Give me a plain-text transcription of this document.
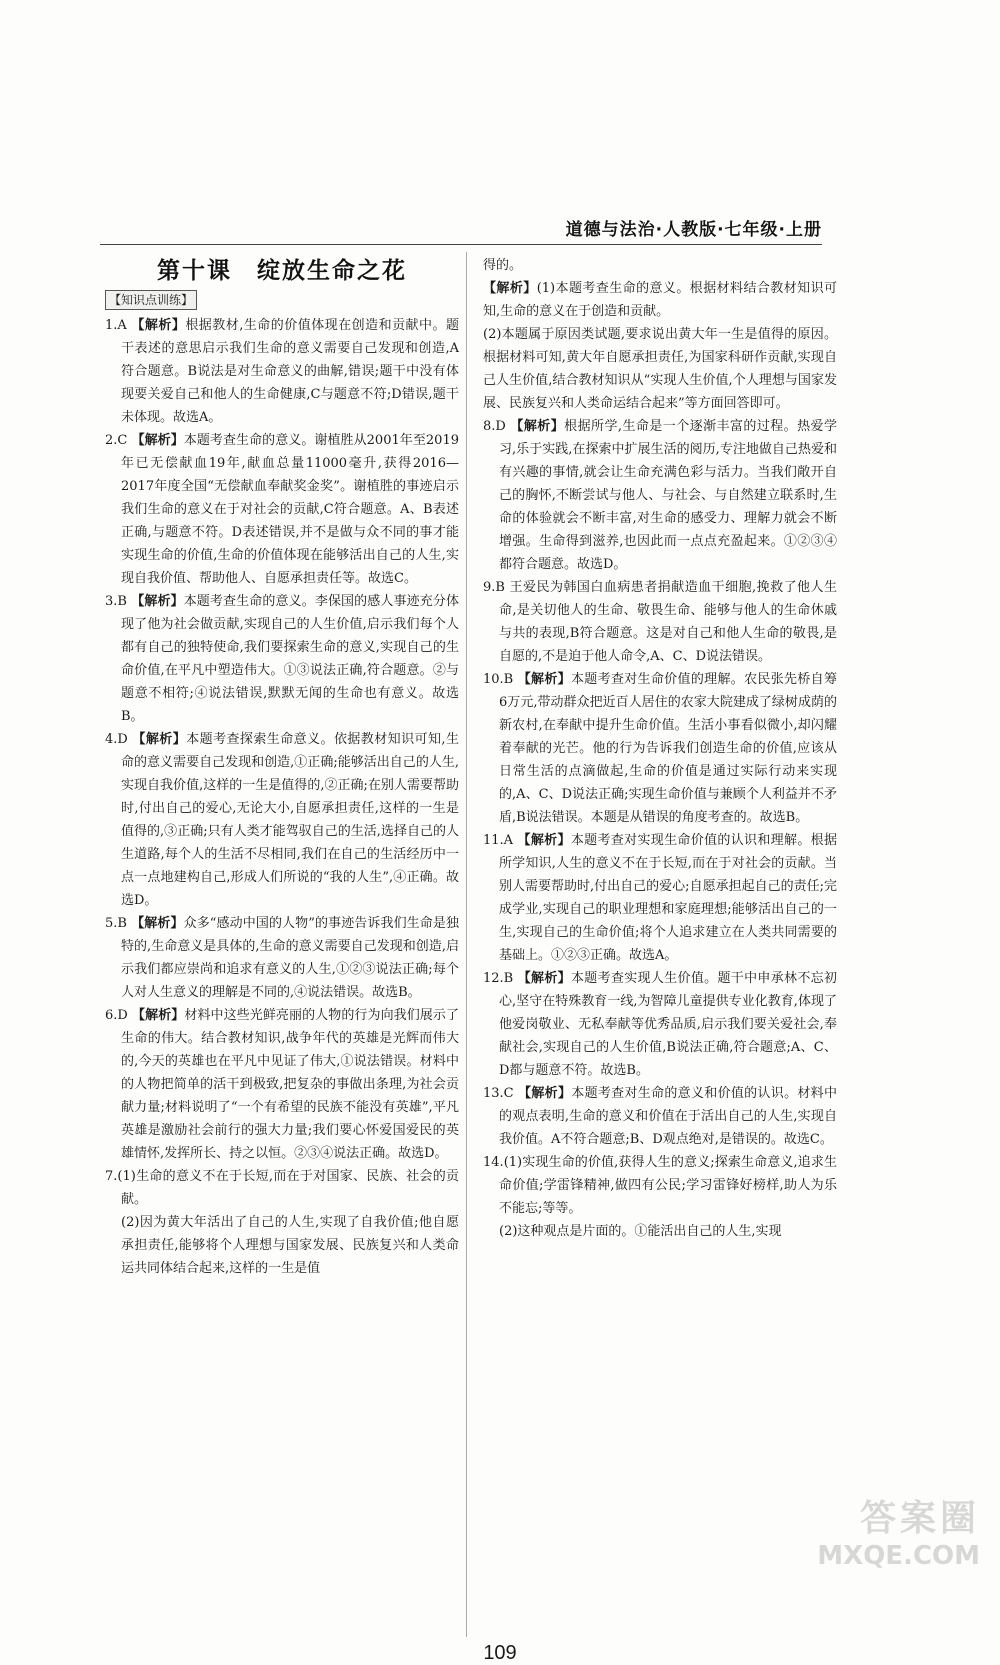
道德与法治·人教版·七年级·上册
第十课　绽放生命之花
【知识点训练】

1.A 【解析】根据教材,生命的价值体现在创造和贡献中。题干表述的意思启示我们生命的意义需要自己发现和创造,A符合题意。B说法是对生命意义的曲解,错误;题干中没有体现要关爱自己和他人的生命健康,C与题意不符;D错误,题干未体现。故选A。

2.C 【解析】本题考查生命的意义。谢植胜从2001年至2019年已无偿献血19年,献血总量11000毫升,获得2016—2017年度全国“无偿献血奉献奖金奖”。谢植胜的事迹启示我们生命的意义在于对社会的贡献,C符合题意。A、B表述正确,与题意不符。D表述错误,并不是做与众不同的事才能实现生命的价值,生命的价值体现在能够活出自己的人生,实现自我价值、帮助他人、自愿承担责任等。故选C。

3.B 【解析】本题考查生命的意义。李保国的感人事迹充分体现了他为社会做贡献,实现自己的人生价值,启示我们每个人都有自己的独特使命,我们要探索生命的意义,实现自己的生命价值,在平凡中塑造伟大。①③说法正确,符合题意。②与题意不相符;④说法错误,默默无闻的生命也有意义。故选B。

4.D 【解析】本题考查探索生命意义。依据教材知识可知,生命的意义需要自己发现和创造,①正确;能够活出自己的人生,实现自我价值,这样的一生是值得的,②正确;在别人需要帮助时,付出自己的爱心,无论大小,自愿承担责任,这样的一生是值得的,③正确;只有人类才能驾驭自己的生活,选择自己的人生道路,每个人的生活不尽相同,我们在自己的生活经历中一点一点地建构自己,形成人们所说的“我的人生”,④正确。故选D。

5.B 【解析】众多“感动中国的人物”的事迹告诉我们生命是独特的,生命意义是具体的,生命的意义需要自己发现和创造,启示我们都应崇尚和追求有意义的人生,①②③说法正确;每个人对人生意义的理解是不同的,④说法错误。故选B。

6.D 【解析】材料中这些光鲜亮丽的人物的行为向我们展示了生命的伟大。结合教材知识,战争年代的英雄是光辉而伟大的,今天的英雄也在平凡中见证了伟大,①说法错误。材料中的人物把简单的活干到极致,把复杂的事做出条理,为社会贡献力量;材料说明了“一个有希望的民族不能没有英雄”,平凡英雄是激励社会前行的强大力量;我们要心怀爱国爱民的英雄情怀,发挥所长、持之以恒。②③④说法正确。故选D。

7.(1)生命的意义不在于长短,而在于对国家、民族、社会的贡献。

(2)因为黄大年活出了自己的人生,实现了自我价值;他自愿承担责任,能够将个人理想与国家发展、民族复兴和人类命运共同体结合起来,这样的一生是值

得的。

【解析】(1)本题考查生命的意义。根据材料结合教材知识可知,生命的意义在于创造和贡献。

(2)本题属于原因类试题,要求说出黄大年一生是值得的原因。根据材料可知,黄大年自愿承担责任,为国家科研作贡献,实现自己人生价值,结合教材知识从“实现人生价值,个人理想与国家发展、民族复兴和人类命运结合起来”等方面回答即可。

8.D 【解析】根据所学,生命是一个逐渐丰富的过程。热爱学习,乐于实践,在探索中扩展生活的阅历,专注地做自己热爱和有兴趣的事情,就会让生命充满色彩与活力。当我们敞开自己的胸怀,不断尝试与他人、与社会、与自然建立联系时,生命的体验就会不断丰富,对生命的感受力、理解力就会不断增强。生命得到滋养,也因此而一点点充盈起来。①②③④都符合题意。故选D。

9.B 王爱民为韩国白血病患者捐献造血干细胞,挽救了他人生命,是关切他人的生命、敬畏生命、能够与他人的生命休戚与共的表现,B符合题意。这是对自己和他人生命的敬畏,是自愿的,不是迫于他人命令,A、C、D说法错误。

10.B 【解析】本题考查对生命价值的理解。农民张先桥自筹6万元,带动群众把近百人居住的农家大院建成了绿树成荫的新农村,在奉献中提升生命价值。生活小事看似微小,却闪耀着奉献的光芒。他的行为告诉我们创造生命的价值,应该从日常生活的点滴做起,生命的价值是通过实际行动来实现的,A、C、D说法正确;实现生命价值与兼顾个人利益并不矛盾,B说法错误。本题是从错误的角度考查的。故选B。

11.A 【解析】本题考查对实现生命价值的认识和理解。根据所学知识,人生的意义不在于长短,而在于对社会的贡献。当别人需要帮助时,付出自己的爱心;自愿承担起自己的责任;完成学业,实现自己的职业理想和家庭理想;能够活出自己的一生,实现自己的生命价值;将个人追求建立在人类共同需要的基础上。①②③正确。故选A。

12.B 【解析】本题考查实现人生价值。题干中申承林不忘初心,坚守在特殊教育一线,为智障儿童提供专业化教育,体现了他爱岗敬业、无私奉献等优秀品质,启示我们要关爱社会,奉献社会,实现自己的人生价值,B说法正确,符合题意;A、C、D都与题意不符。故选B。

13.C 【解析】本题考查对生命的意义和价值的认识。材料中的观点表明,生命的意义和价值在于活出自己的人生,实现自我价值。A不符合题意;B、D观点绝对,是错误的。故选C。

14.(1)实现生命的价值,获得人生的意义;探索生命意义,追求生命价值;学雷锋精神,做四有公民;学习雷锋好榜样,助人为乐不能忘;等等。

(2)这种观点是片面的。①能活出自己的人生,实现

109
答案圈
MXQE.COM
